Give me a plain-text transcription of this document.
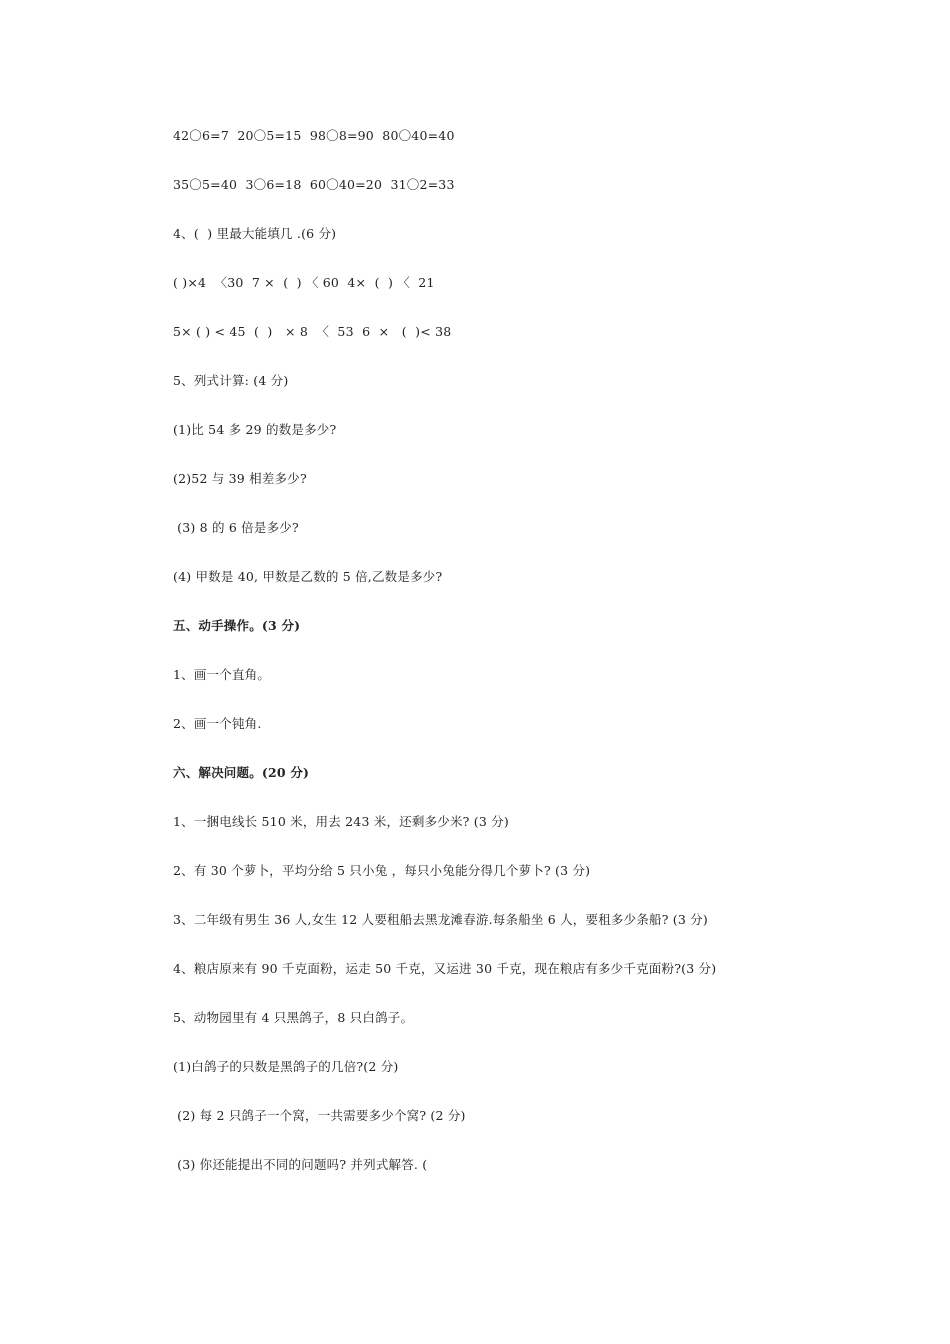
42〇6=7  20〇5=15  98〇8=90  80〇40=40
35〇5=40  3〇6=18  60〇40=20  31〇2=33
4、(  ) 里最大能填几 .(6 分)
( )×4  〈30  7 ×  (  ) 〈 60  4×  (  ) 〈  21
5× ( ) < 45  (  )   × 8  〈  53  6  ×   (  )< 38
5、列式计算: (4 分)
(1)比 54 多 29 的数是多少?
(2)52 与 39 相差多少?
(3) 8 的 6 倍是多少?
(4) 甲数是 40, 甲数是乙数的 5 倍,乙数是多少?
五、动手操作。(3 分)
1、画一个直角。
2、画一个钝角.
六、解决问题。(20 分)
1、一捆电线长 510 米，用去 243 米，还剩多少米? (3 分)
2、有 30 个萝卜，平均分给 5 只小兔 ，每只小兔能分得几个萝卜? (3 分)
3、二年级有男生 36 人,女生 12 人要租船去黑龙滩春游.每条船坐 6 人，要租多少条船? (3 分)
4、粮店原来有 90 千克面粉，运走 50 千克，又运进 30 千克，现在粮店有多少千克面粉?(3 分)
5、动物园里有 4 只黑鸽子，8 只白鸽子。
(1)白鸽子的只数是黑鸽子的几倍?(2 分)
(2) 每 2 只鸽子一个窝，一共需要多少个窝? (2 分)
(3) 你还能提出不同的问题吗? 并列式解答. (
